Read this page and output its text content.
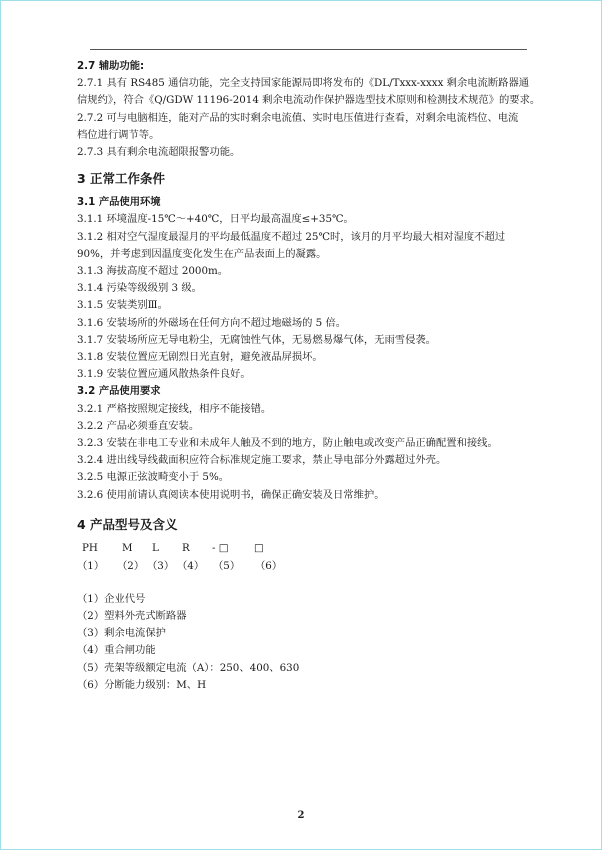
2.7 辅助功能:
2.7.1 具有 RS485 通信功能，完全支持国家能源局即将发布的《DL/Txxx-xxxx 剩余电流断路器通
信规约》，符合《Q/GDW 11196-2014 剩余电流动作保护器选型技术原则和检测技术规范》的要求。
2.7.2 可与电脑相连，能对产品的实时剩余电流值、实时电压值进行查看，对剩余电流档位、电流
档位进行调节等。
2.7.3 具有剩余电流超限报警功能。
3 正常工作条件
3.1 产品使用环境
3.1.1 环境温度-15℃～+40℃，日平均最高温度≤+35℃。
3.1.2 相对空气湿度最湿月的平均最低温度不超过 25℃时，该月的月平均最大相对湿度不超过
90%，并考虑到因温度变化发生在产品表面上的凝露。
3.1.3 海拔高度不超过 2000m。
3.1.4 污染等级级别 3 级。
3.1.5 安装类别Ⅲ。
3.1.6 安装场所的外磁场在任何方向不超过地磁场的 5 倍。
3.1.7 安装场所应无导电粉尘，无腐蚀性气体，无易燃易爆气体，无雨雪侵袭。
3.1.8 安装位置应无剧烈日光直射，避免液晶屏损坏。
3.1.9 安装位置应通风散热条件良好。
3.2 产品使用要求
3.2.1 严格按照规定接线，相序不能接错。
3.2.2 产品必须垂直安装。
3.2.3 安装在非电工专业和未成年人触及不到的地方，防止触电或改变产品正确配置和接线。
3.2.4 进出线导线截面积应符合标准规定施工要求，禁止导电部分外露超过外壳。
3.2.5 电源正弦波畸变小于 5%。
3.2.6 使用前请认真阅读本使用说明书，确保正确安装及日常维护。
4 产品型号及含义
PH	M	L	R	- □	□
（1）	（2） （3） （4） （5）	（6）
（1）企业代号
（2）塑料外壳式断路器
（3）剩余电流保护
（4）重合闸功能
（5）壳架等级额定电流（A）：250、400、630
（6）分断能力级别：M、H
2
